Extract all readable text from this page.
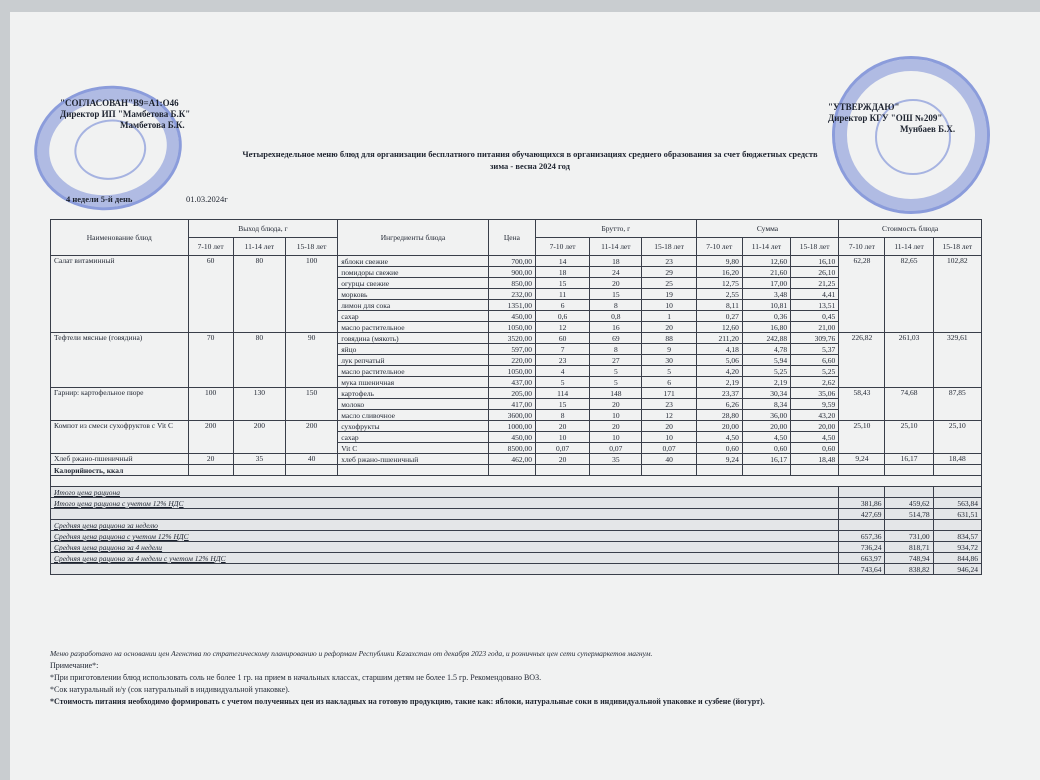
"СОГЛАСОВАН"B9=A1:O46
Директор ИП "Мамбетова Б.К"
Мамбетова Б.К.
"УТВЕРЖДАЮ"
Директор КГУ "ОШ №209"
Мунбаев Б.Х.
Четырехнедельное меню блюд для организации бесплатного питания обучающихся в организациях среднего образования за счет бюджетных средств
зима - весна 2024 год
4 недели 5-й день	01.03.2024г
Наименование блюд	Выход блюда, г			Ингредиенты блюда	Цена	Брутто, г			Сумма			Стоимость блюда		
	7-10 лет	11-14 лет	15-18 лет			7-10 лет	11-14 лет	15-18 лет	7-10 лет	11-14 лет	15-18 лет	7-10 лет	11-14 лет	15-18 лет
Салат витаминный	60	80	100	яблоки свежие	700,00	14	18	23	9,80	12,60	16,10	62,28	82,65	102,82
				помидоры свежие	900,00	18	24	29	16,20	21,60	26,10			
				огурцы свежие	850,00	15	20	25	12,75	17,00	21,25			
				морковь	232,00	11	15	19	2,55	3,48	4,41			
				лимон для сока	1351,00	6	8	10	8,11	10,81	13,51			
				сахар	450,00	0,6	0,8	1	0,27	0,36	0,45			
				масло растительное	1050,00	12	16	20	12,60	16,80	21,00			
Тефтели мясные (говядина)	70	80	90	говядина (мякоть)	3520,00	60	69	88	211,20	242,88	309,76	226,82	261,03	329,61
				яйцо	597,00	7	8	9	4,18	4,78	5,37			
				лук репчатый	220,00	23	27	30	5,06	5,94	6,60			
				масло растительное	1050,00	4	5	5	4,20	5,25	5,25			
				мука пшеничная	437,00	5	5	6	2,19	2,19	2,62			
Гарнир: картофельное пюре	100	130	150	картофель	205,00	114	148	171	23,37	30,34	35,06	58,43	74,68	87,85
				молоко	417,00	15	20	23	6,26	8,34	9,59			
				масло сливочное	3600,00	8	10	12	28,80	36,00	43,20			
Компот из смеси сухофруктов с Vit C	200	200	200	сухофрукты	1000,00	20	20	20	20,00	20,00	20,00	25,10	25,10	25,10
				сахар	450,00	10	10	10	4,50	4,50	4,50			
				Vit C	8500,00	0,07	0,07	0,07	0,60	0,60	0,60			
Хлеб ржано-пшеничный	20	35	40	хлеб ржано-пшеничный	462,00	20	35	40	9,24	16,17	18,48	9,24	16,17	18,48
Калорийность, ккал														

Итого цена рациона														
Итого цена рациона с учетом 12% НДС												381,86	459,62	563,84
												427,69	514,78	631,51
Средняя цена рациона за неделю														
Средняя цена рациона с учетом 12% НДС												657,36	731,00	834,57
Средняя цена рациона за 4 недели												736,24	818,71	934,72
Средняя цена рациона за 4 недели с учетом 12% НДС												663,97	748,94	844,86
												743,64	838,82	946,24
Меню разработано на основании цен Агенства по стратегическому планированию и реформам Республики Казахстан от декабря 2023 года, и розничных цен сети супермаркетов магнум.
Примечание*:
*При приготовлении блюд использовать соль не более 1 гр. на прием в начальных классах, старшим детям не более 1.5 гр. Рекомендовано ВОЗ.
*Сок натуральный и/у (сок натуральный в индивидуальной упаковке).
*Стоимость питания необходимо формировать с учетом полученных цен из накладных на готовую продукцию, такие как: яблоки, натуральные соки в индивидуальной упаковке и сузбене (йогурт).
